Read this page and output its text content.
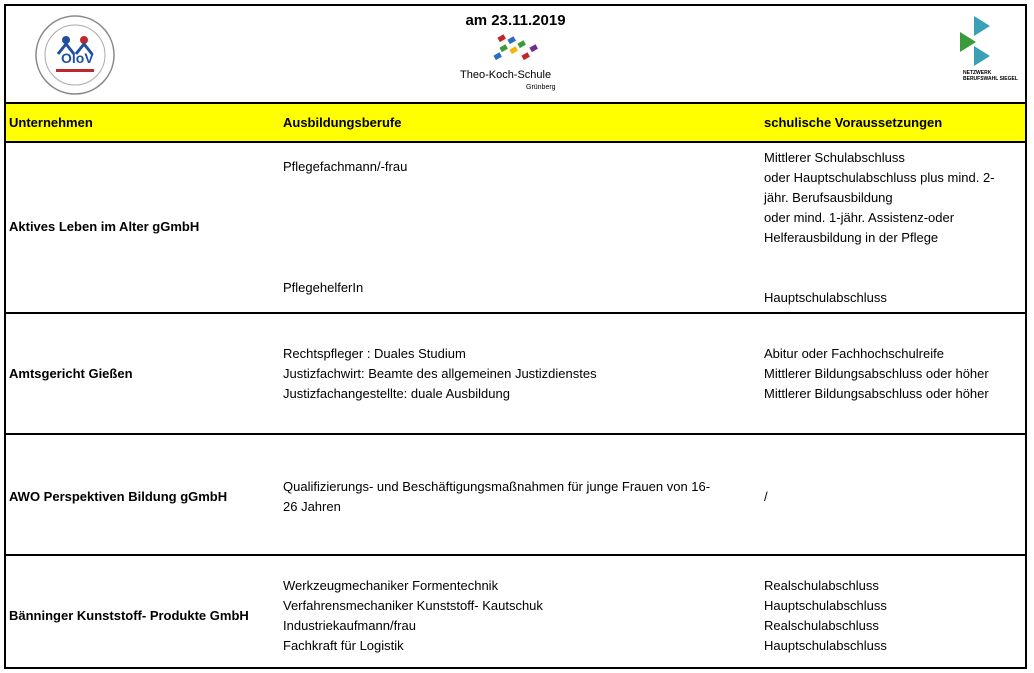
OloV
am 23.11.2019
Theo-Koch-Schule
Grünberg
NETZWERK BERUFSWAHL SIEGEL
Unternehmen	Ausbildungsberufe	schulische Voraussetzungen
Aktives Leben im Alter gGmbH
Pflegefachmann/-frau
PflegehelferIn
Mittlerer Schulabschluss
oder Hauptschulabschluss plus mind. 2-
jähr. Berufsausbildung
oder mind. 1-jähr. Assistenz-oder
Helferausbildung in der Pflege
Hauptschulabschluss
Amtsgericht Gießen
Rechtspfleger : Duales Studium
Justizfachwirt: Beamte des allgemeinen Justizdienstes
Justizfachangestellte: duale Ausbildung
Abitur oder Fachhochschulreife
Mittlerer Bildungsabschluss oder höher
Mittlerer Bildungsabschluss oder höher
AWO Perspektiven Bildung gGmbH
Qualifizierungs- und Beschäftigungsmaßnahmen für junge Frauen von 16-
26 Jahren
/
Bänninger Kunststoff- Produkte GmbH
Werkzeugmechaniker Formentechnik
Verfahrensmechaniker Kunststoff- Kautschuk
Industriekaufmann/frau
Fachkraft für Logistik
Realschulabschluss
Hauptschulabschluss
Realschulabschluss
Hauptschulabschluss
